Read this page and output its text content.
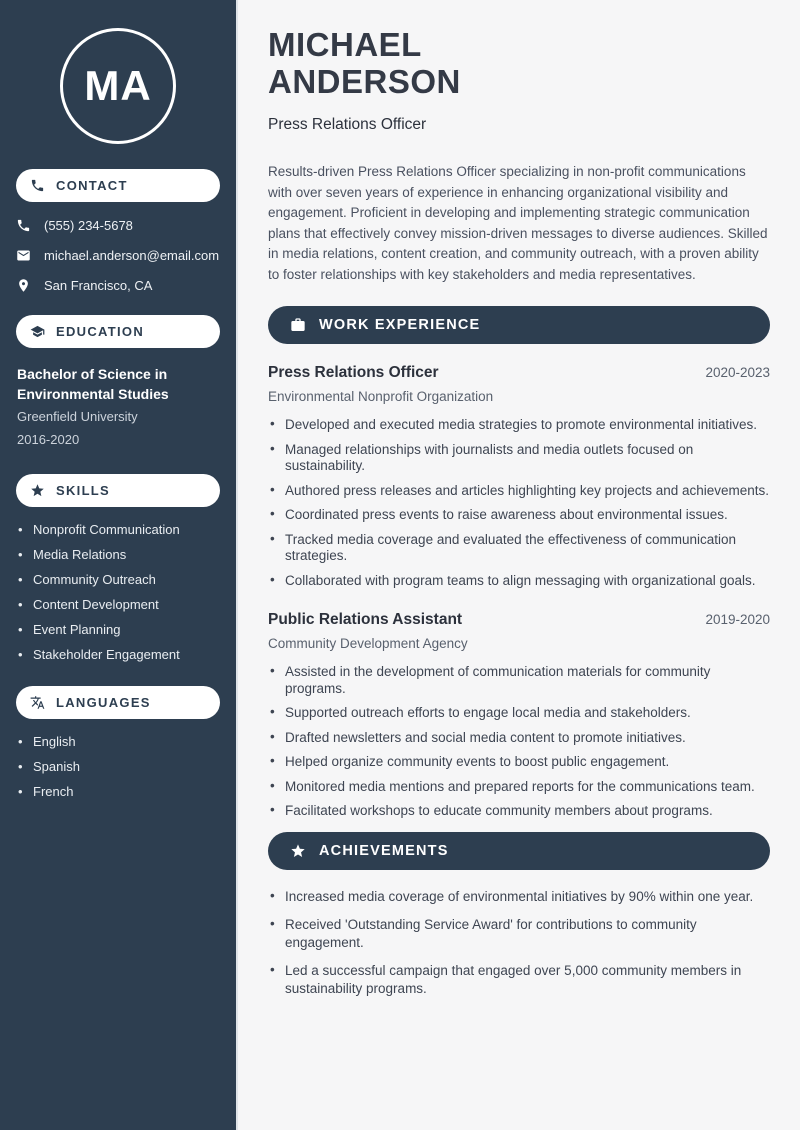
MA
CONTACT
(555) 234-5678
michael.anderson@email.com
San Francisco, CA
EDUCATION
Bachelor of Science in Environmental Studies
Greenfield University
2016-2020
SKILLS
• Nonprofit Communication
• Media Relations
• Community Outreach
• Content Development
• Event Planning
• Stakeholder Engagement
LANGUAGES
• English
• Spanish
• French
MICHAEL
ANDERSON
Press Relations Officer

Results-driven Press Relations Officer specializing in non-profit communications with over seven years of experience in enhancing organizational visibility and engagement. Proficient in developing and implementing strategic communication plans that effectively convey mission-driven messages to diverse audiences. Skilled in media relations, content creation, and community outreach, with a proven ability to foster relationships with key stakeholders and media representatives.

WORK EXPERIENCE
Press Relations Officer	2020-2023
Environmental Nonprofit Organization
• Developed and executed media strategies to promote environmental initiatives.
• Managed relationships with journalists and media outlets focused on sustainability.
• Authored press releases and articles highlighting key projects and achievements.
• Coordinated press events to raise awareness about environmental issues.
• Tracked media coverage and evaluated the effectiveness of communication strategies.
• Collaborated with program teams to align messaging with organizational goals.
Public Relations Assistant	2019-2020
Community Development Agency
• Assisted in the development of communication materials for community programs.
• Supported outreach efforts to engage local media and stakeholders.
• Drafted newsletters and social media content to promote initiatives.
• Helped organize community events to boost public engagement.
• Monitored media mentions and prepared reports for the communications team.
• Facilitated workshops to educate community members about programs.
ACHIEVEMENTS
• Increased media coverage of environmental initiatives by 90% within one year.
• Received 'Outstanding Service Award' for contributions to community engagement.
• Led a successful campaign that engaged over 5,000 community members in sustainability programs.
